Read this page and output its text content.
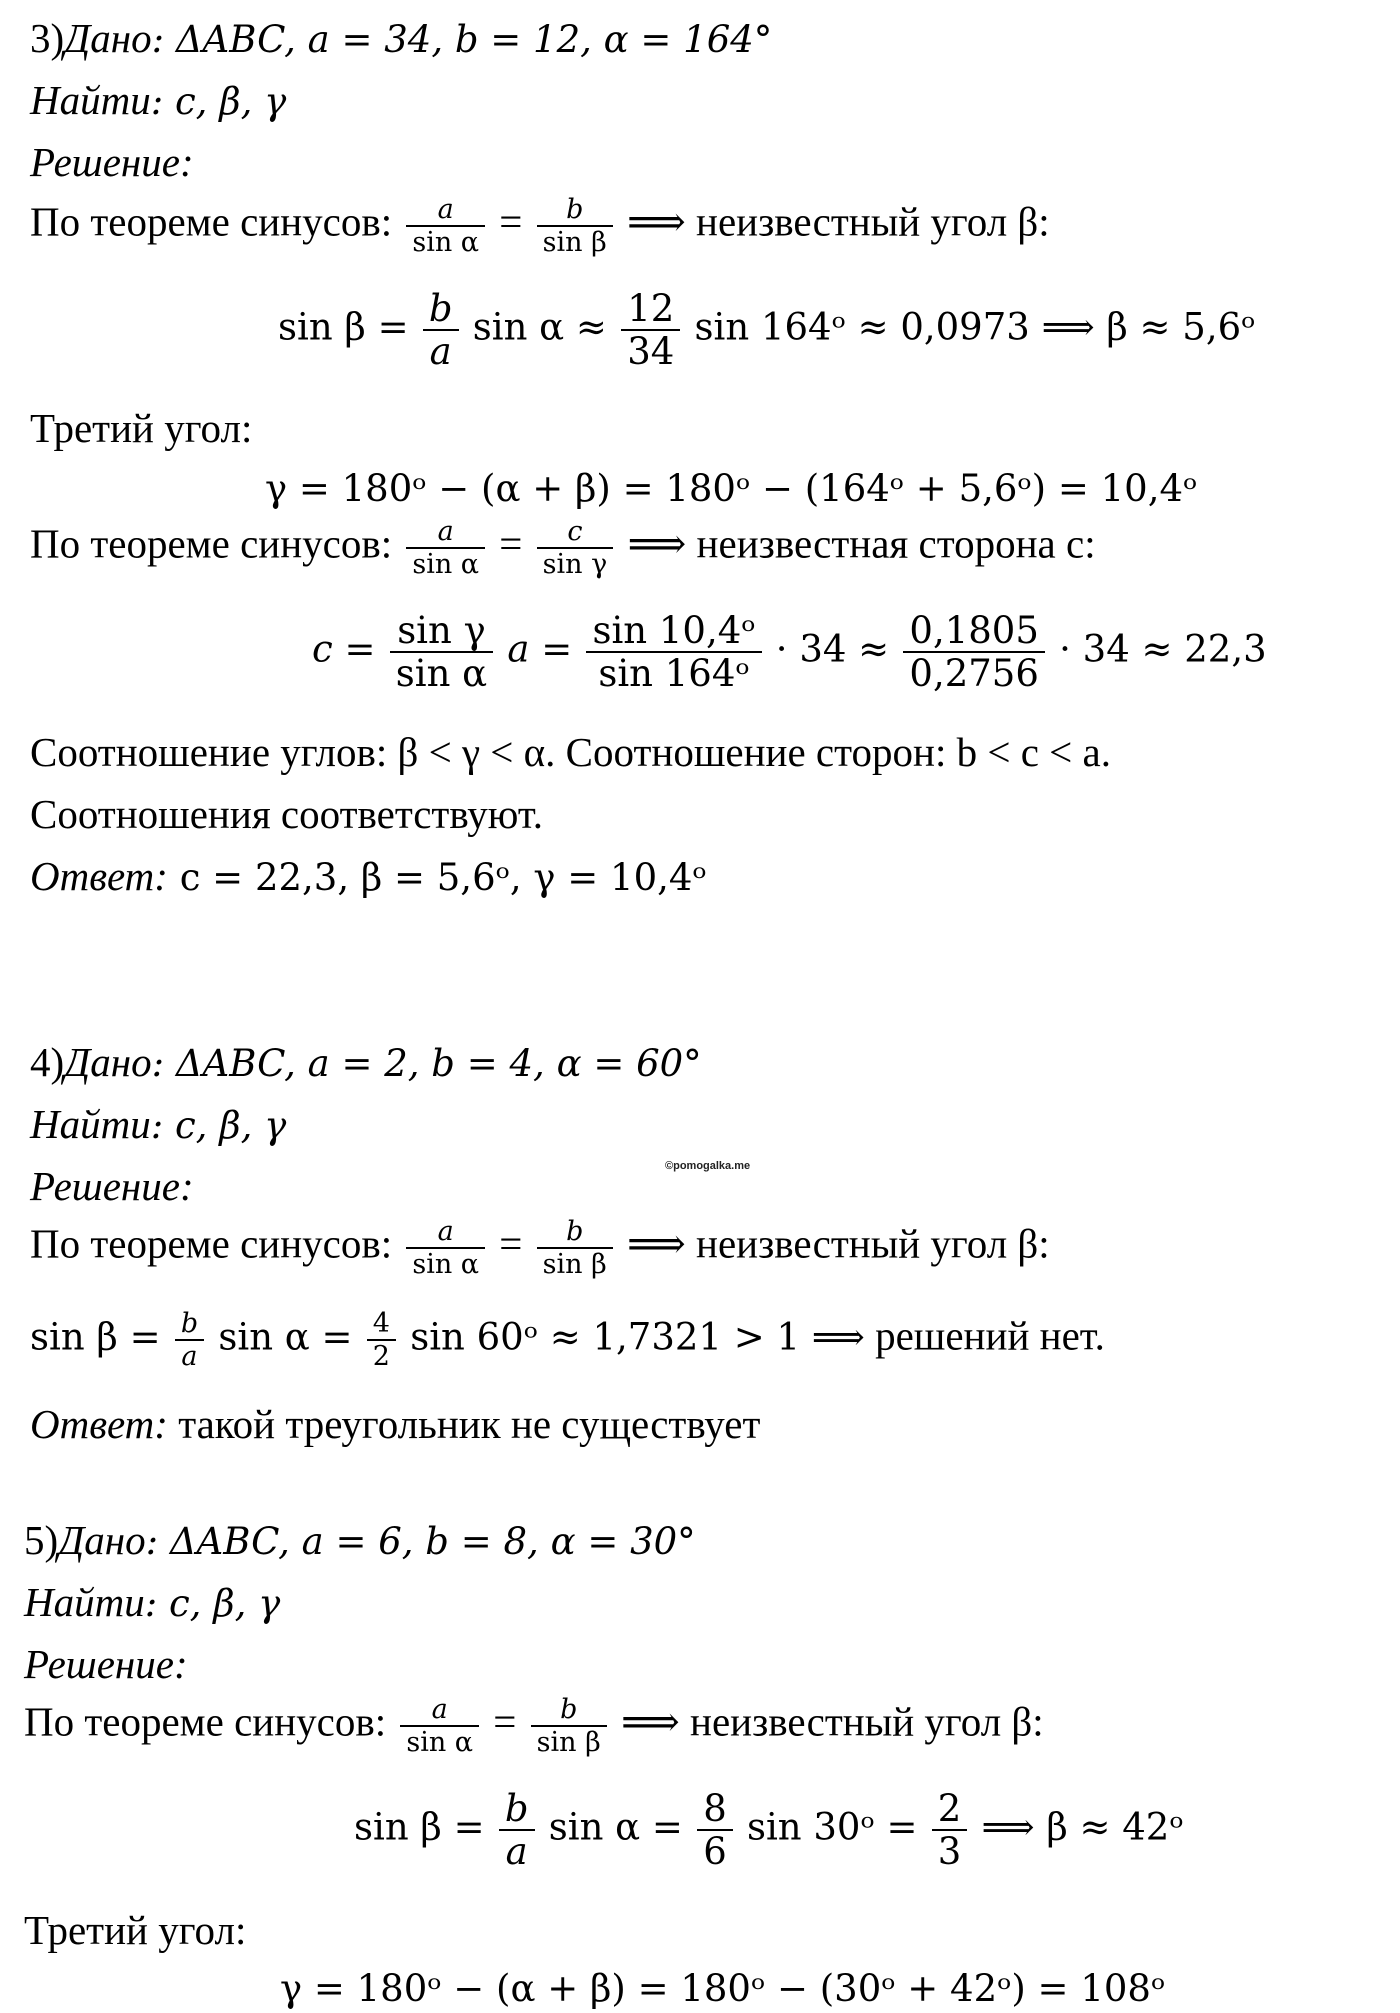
3)Дано: ΔABC, a = 34, b = 12, α = 164°
Найти: c, β, γ
Решение:
По теореме синусов: $\frac{a}{\text{sin α}} = \frac{b}{\text{sin β}}$ ⟹ неизвестный угол β:
$\sin \beta = \frac{b}{a}$ $\sin \alpha \approx \frac{12}{34}$ sin 164ᵒ ≈ 0,0973 ⟹ β ≈ 5,6ᵒ
Третий угол:
γ = 180ᵒ − (α + β) = 180ᵒ − (164ᵒ + 5,6ᵒ) = 10,4ᵒ
По теореме синусов: $\frac{a}{\text{sin α}} = \frac{c}{\text{sin γ}}$ ⟹ неизвестная сторона c:
$c = \frac{\text{sin γ}}{\text{sin α}}$ $a = \frac{\text{sin 10,4ᵒ}}{\text{sin 164ᵒ}} \cdot 34 \approx \frac{0,1805}{0,2756} \cdot 34 \approx 22,3$
Соотношение углов: β < γ < α. Соотношение сторон: b < c < a.
Соотношения соответствуют.
Ответ: c = 22,3, β = 5,6ᵒ, γ = 10,4ᵒ
4)Дано: ΔABC, a = 2, b = 4, α = 60°
Найти: c, β, γ
©pomogalka.me
Решение:
По теореме синусов: $\frac{a}{\text{sin α}} = \frac{b}{\text{sin β}}$ ⟹ неизвестный угол β:
$\sin \beta = \frac{b}{a}$ $\sin \alpha = \frac{4}{2}$ sin 60ᵒ ≈ 1,7321 > 1 ⟹ решений нет.
Ответ: такой треугольник не существует
5)Дано: ΔABC, a = 6, b = 8, α = 30°
Найти: c, β, γ
Решение:
По теореме синусов: $\frac{a}{\text{sin α}} = \frac{b}{\text{sin β}}$ ⟹ неизвестный угол β:
$\sin \beta = \frac{b}{a}$ $\sin \alpha = \frac{8}{6}$ sin 30ᵒ = $\frac{2}{3}$ ⟹ β ≈ 42ᵒ
Третий угол:
γ = 180ᵒ − (α + β) = 180ᵒ − (30ᵒ + 42ᵒ) = 108ᵒ
